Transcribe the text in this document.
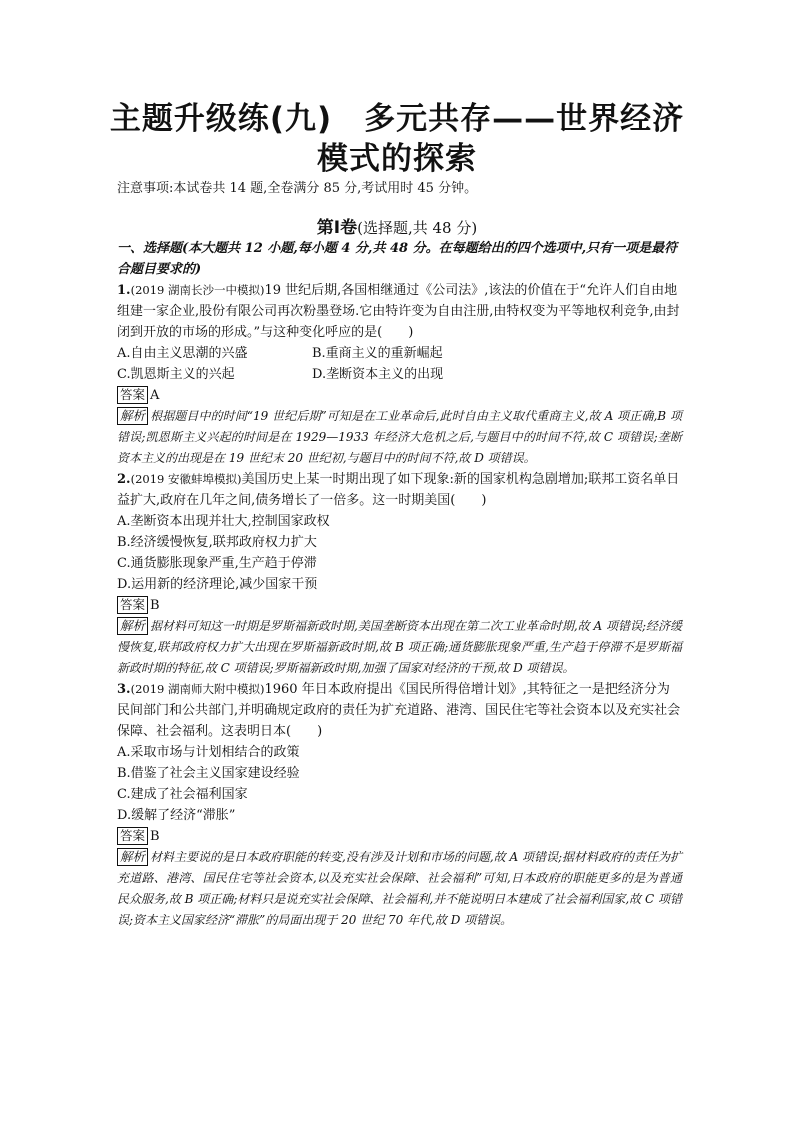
主题升级练(九)　多元共存——世界经济
模式的探索
注意事项:本试卷共 14 题,全卷满分 85 分,考试用时 45 分钟。
第Ⅰ卷(选择题,共 48 分)

一、选择题(本大题共 12 小题,每小题 4 分,共 48 分。在每题给出的四个选项中,只有一项是最符合题目要求的)

1.(2019 湖南长沙一中模拟)19 世纪后期,各国相继通过《公司法》,该法的价值在于“允许人们自由地组建一家企业,股份有限公司再次粉墨登场.它由特许变为自由注册,由特权变为平等地权利竞争,由封闭到开放的市场的形成。”与这种变化呼应的是(　　)

A.自由主义思潮的兴盛	B.重商主义的重新崛起
C.凯恩斯主义的兴起	D.垄断资本主义的出现

答案 A

解析 根据题目中的时间“19 世纪后期”可知是在工业革命后,此时自由主义取代重商主义,故 A 项正确,B 项错误;凯恩斯主义兴起的时间是在 1929—1933 年经济大危机之后,与题目中的时间不符,故 C 项错误;垄断资本主义的出现是在 19 世纪末 20 世纪初,与题目中的时间不符,故 D 项错误。

2.(2019 安徽蚌埠模拟)美国历史上某一时期出现了如下现象:新的国家机构急剧增加;联邦工资名单日益扩大,政府在几年之间,债务增长了一倍多。这一时期美国(　　)

A.垄断资本出现并壮大,控制国家政权

B.经济缓慢恢复,联邦政府权力扩大

C.通货膨胀现象严重,生产趋于停滞

D.运用新的经济理论,减少国家干预

答案 B

解析 据材料可知这一时期是罗斯福新政时期,美国垄断资本出现在第二次工业革命时期,故 A 项错误;经济缓慢恢复,联邦政府权力扩大出现在罗斯福新政时期,故 B 项正确;通货膨胀现象严重,生产趋于停滞不是罗斯福新政时期的特征,故 C 项错误;罗斯福新政时期,加强了国家对经济的干预,故 D 项错误。

3.(2019 湖南师大附中模拟)1960 年日本政府提出《国民所得倍增计划》,其特征之一是把经济分为民间部门和公共部门,并明确规定政府的责任为扩充道路、港湾、国民住宅等社会资本以及充实社会保障、社会福利。这表明日本(　　)

A.采取市场与计划相结合的政策

B.借鉴了社会主义国家建设经验

C.建成了社会福利国家

D.缓解了经济“滞胀”

答案 B

解析 材料主要说的是日本政府职能的转变,没有涉及计划和市场的问题,故 A 项错误;据材料政府的责任为扩充道路、港湾、国民住宅等社会资本,以及充实社会保障、社会福利”可知,日本政府的职能更多的是为普通民众服务,故 B 项正确;材料只是说充实社会保障、社会福利,并不能说明日本建成了社会福利国家,故 C 项错误;资本主义国家经济“滞胀”的局面出现于 20 世纪 70 年代,故 D 项错误。
